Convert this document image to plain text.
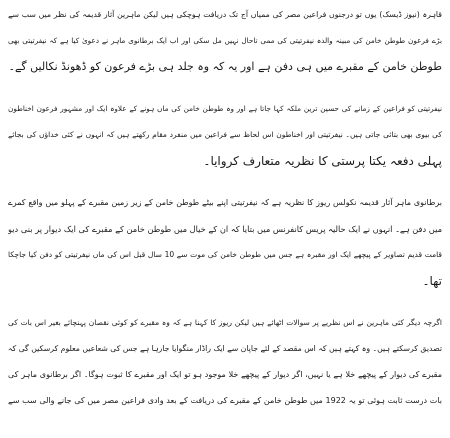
قاہرہ (نیوز ڈیسک) یوں تو درجنوں فراعین مصر کی ممیاں آج تک دریافت ہوچکی ہیں لیکن ماہرین آثار قدیمہ کی نظر میں سب سے
بڑے فرعون طوطن خامن کی مبینہ والدہ نیفرتیتی کی ممی تاحال نہیں مل سکی اور اب ایک برطانوی ماہر نے دعویٰ کیا ہے کہ نیفرتیتی بھی
طوطن خامن کے مقبرے میں ہی دفن ہے اور یہ کہ وہ جلد ہی بڑے فرعون کو ڈھونڈ نکالیں گے۔
نیفرتیتی کو فراعین کے زمانے کی حسین ترین ملکہ کہا جاتا ہے اور وہ طوطن خامن کی ماں ہونے کے علاوہ ایک اور مشہور فرعون اخناطون
کی بیوی بھی بتائی جاتی ہیں۔ نیفرتیتی اور اخناطون اس لحاظ سے فراعین میں منفرد مقام رکھتے ہیں کہ انہوں نے کئی خداؤں کی بجائے
پہلی دفعہ یکتا پرستی کا نظریہ متعارف کروایا۔
برطانوی ماہر آثار قدیمہ نکولس ریوز کا نظریہ ہے کہ نیفرتیتی اپنے بیٹے طوطن خامن کے زیر زمین مقبرے کے پہلو میں واقع کمرے
میں دفن ہے۔ انہوں نے ایک حالیہ پریس کانفرنس میں بتایا کہ ان کے خیال میں طوطن خامن کے مقبرے کی ایک دیوار پر بنی دیو
قامت قدیم تصاویر کے پیچھے ایک اور مقبرہ ہے جس میں طوطن خامن کی موت سے 10 سال قبل اس کی ماں نیفرتیتی کو دفن کیا جاچکا
تھا۔
اگرچہ دیگر کئی ماہرین نے اس نظریے پر سوالات اٹھائے ہیں لیکن ریوز کا کہنا ہے کہ وہ مقبرے کو کوئی نقصان پہنچائے بغیر اس بات کی
تصدیق کرسکتے ہیں۔ وہ کہتے ہیں کہ اس مقصد کے لئے جاپان سے ایک راڈار منگوایا جارہا ہے جس کی شعاعیں معلوم کرسکیں گی کہ
مقبرے کی دیوار کے پیچھے خلا ہے یا نہیں، اگر دیوار کے پیچھے خلا موجود ہو تو ایک اور مقبرے کا ثبوت ہوگا۔ اگر برطانوی ماہر کی
بات درست ثابت ہوئی تو یہ 1922 میں طوطن خامن کے مقبرے کی دریافت کے بعد وادی فراعین مصر میں کی جانے والی سب سے
